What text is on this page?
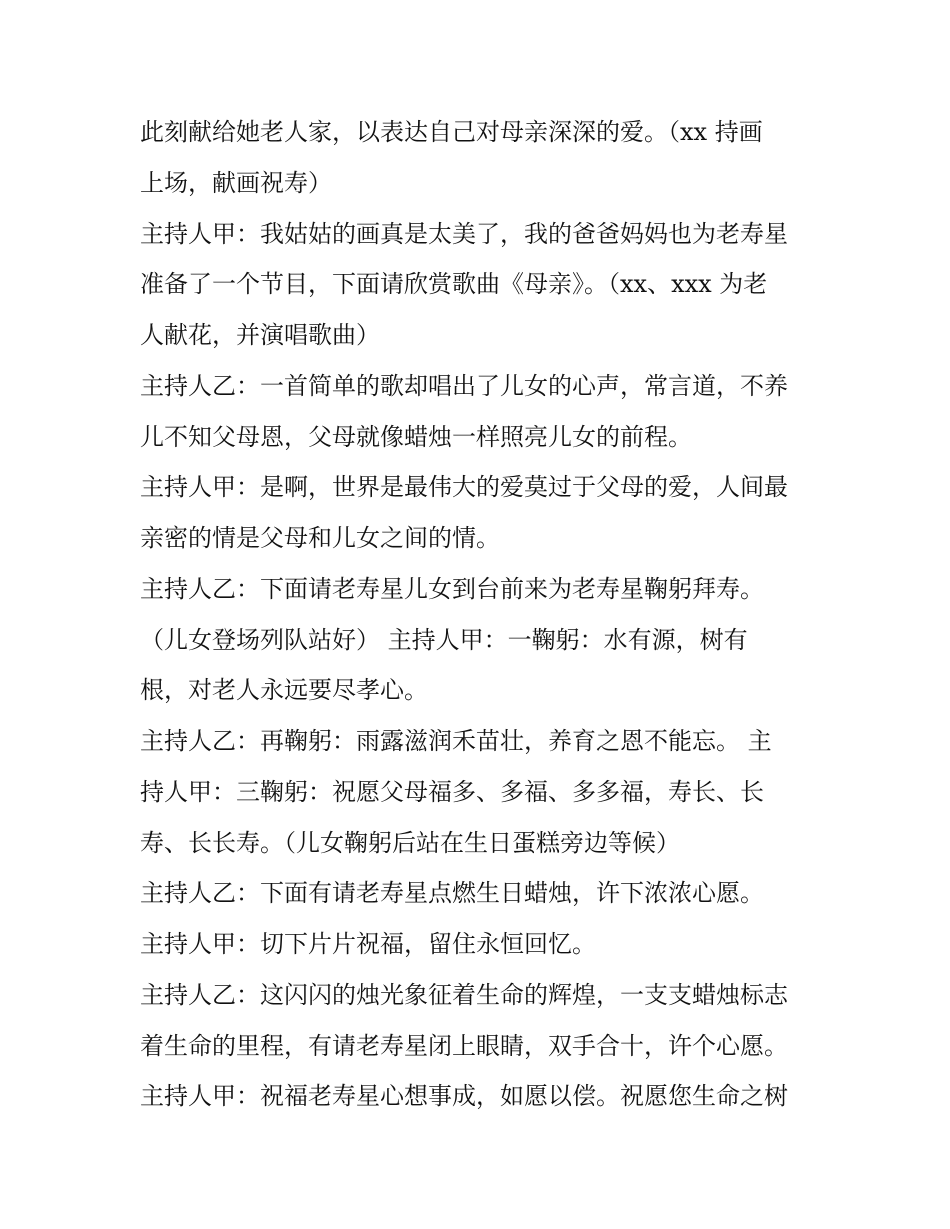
此刻献给她老人家，以表达自己对母亲深深的爱。（xx 持画
上场，献画祝寿）
主持人甲：我姑姑的画真是太美了，我的爸爸妈妈也为老寿星
准备了一个节目，下面请欣赏歌曲《母亲》。（xx、xxx 为老
人献花，并演唱歌曲）
主持人乙：一首简单的歌却唱出了儿女的心声，常言道，不养
儿不知父母恩，父母就像蜡烛一样照亮儿女的前程。
主持人甲：是啊，世界是最伟大的爱莫过于父母的爱，人间最
亲密的情是父母和儿女之间的情。
主持人乙：下面请老寿星儿女到台前来为老寿星鞠躬拜寿。
（儿女登场列队站好） 主持人甲：一鞠躬：水有源，树有
根，对老人永远要尽孝心。
主持人乙：再鞠躬：雨露滋润禾苗壮，养育之恩不能忘。 主
持人甲：三鞠躬：祝愿父母福多、多福、多多福，寿长、长
寿、长长寿。（儿女鞠躬后站在生日蛋糕旁边等候）
主持人乙：下面有请老寿星点燃生日蜡烛，许下浓浓心愿。
主持人甲：切下片片祝福，留住永恒回忆。
主持人乙：这闪闪的烛光象征着生命的辉煌，一支支蜡烛标志
着生命的里程，有请老寿星闭上眼睛，双手合十，许个心愿。
主持人甲：祝福老寿星心想事成，如愿以偿。祝愿您生命之树
